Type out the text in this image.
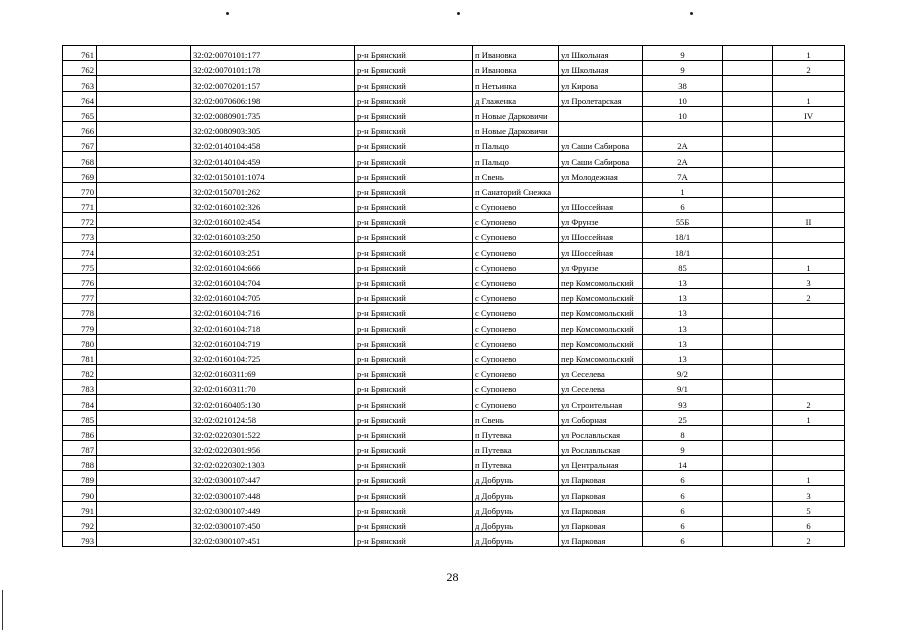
761		32:02:0070101:177	р-н Брянский	п Ивановка	ул Школьная	9		1
762		32:02:0070101:178	р-н Брянский	п Ивановка	ул Школьная	9		2
763		32:02:0070201:157	р-н Брянский	п Нетьинка	ул Кирова	38		
764		32:02:0070606:198	р-н Брянский	д Глаженка	ул Пролетарская	10		1
765		32:02:0080901:735	р-н Брянский	п Новые Дарковичи		10		IV
766		32:02:0080903:305	р-н Брянский	п Новые Дарковичи				
767		32:02:0140104:458	р-н Брянский	п Пальцо	ул Саши Сабирова	2А		
768		32:02:0140104:459	р-н Брянский	п Пальцо	ул Саши Сабирова	2А		
769		32:02:0150101:1074	р-н Брянский	п Свень	ул Молодежная	7А		
770		32:02:0150701:262	р-н Брянский	п Санаторий Снежка		1		
771		32:02:0160102:326	р-н Брянский	с Супонево	ул Шоссейная	6		
772		32:02:0160102:454	р-н Брянский	с Супонево	ул Фрунзе	55Б		II
773		32:02:0160103:250	р-н Брянский	с Супонево	ул Шоссейная	18/1		
774		32:02:0160103:251	р-н Брянский	с Супонево	ул Шоссейная	18/1		
775		32:02:0160104:666	р-н Брянский	с Супонево	ул Фрунзе	85		1
776		32:02:0160104:704	р-н Брянский	с Супонево	пер Комсомольский	13		3
777		32:02:0160104:705	р-н Брянский	с Супонево	пер Комсомольский	13		2
778		32:02:0160104:716	р-н Брянский	с Супонево	пер Комсомольский	13		
779		32:02:0160104:718	р-н Брянский	с Супонево	пер Комсомольский	13		
780		32:02:0160104:719	р-н Брянский	с Супонево	пер Комсомольский	13		
781		32:02:0160104:725	р-н Брянский	с Супонево	пер Комсомольский	13		
782		32:02:0160311:69	р-н Брянский	с Супонево	ул Сеселева	9/2		
783		32:02:0160311:70	р-н Брянский	с Супонево	ул Сеселева	9/1		
784		32:02:0160405:130	р-н Брянский	с Супонево	ул Строительная	93		2
785		32:02:0210124:58	р-н Брянский	п Свень	ул Соборная	25		1
786		32:02:0220301:522	р-н Брянский	п Путевка	ул Рославльская	8		
787		32:02:0220301:956	р-н Брянский	п Путевка	ул Рославльская	9		
788		32:02:0220302:1303	р-н Брянский	п Путевка	ул Центральная	14		
789		32:02:0300107:447	р-н Брянский	д Добрунь	ул Парковая	6		1
790		32:02:0300107:448	р-н Брянский	д Добрунь	ул Парковая	6		3
791		32:02:0300107:449	р-н Брянский	д Добрунь	ул Парковая	6		5
792		32:02:0300107:450	р-н Брянский	д Добрунь	ул Парковая	6		6
793		32:02:0300107:451	р-н Брянский	д Добрунь	ул Парковая	6		2
28
